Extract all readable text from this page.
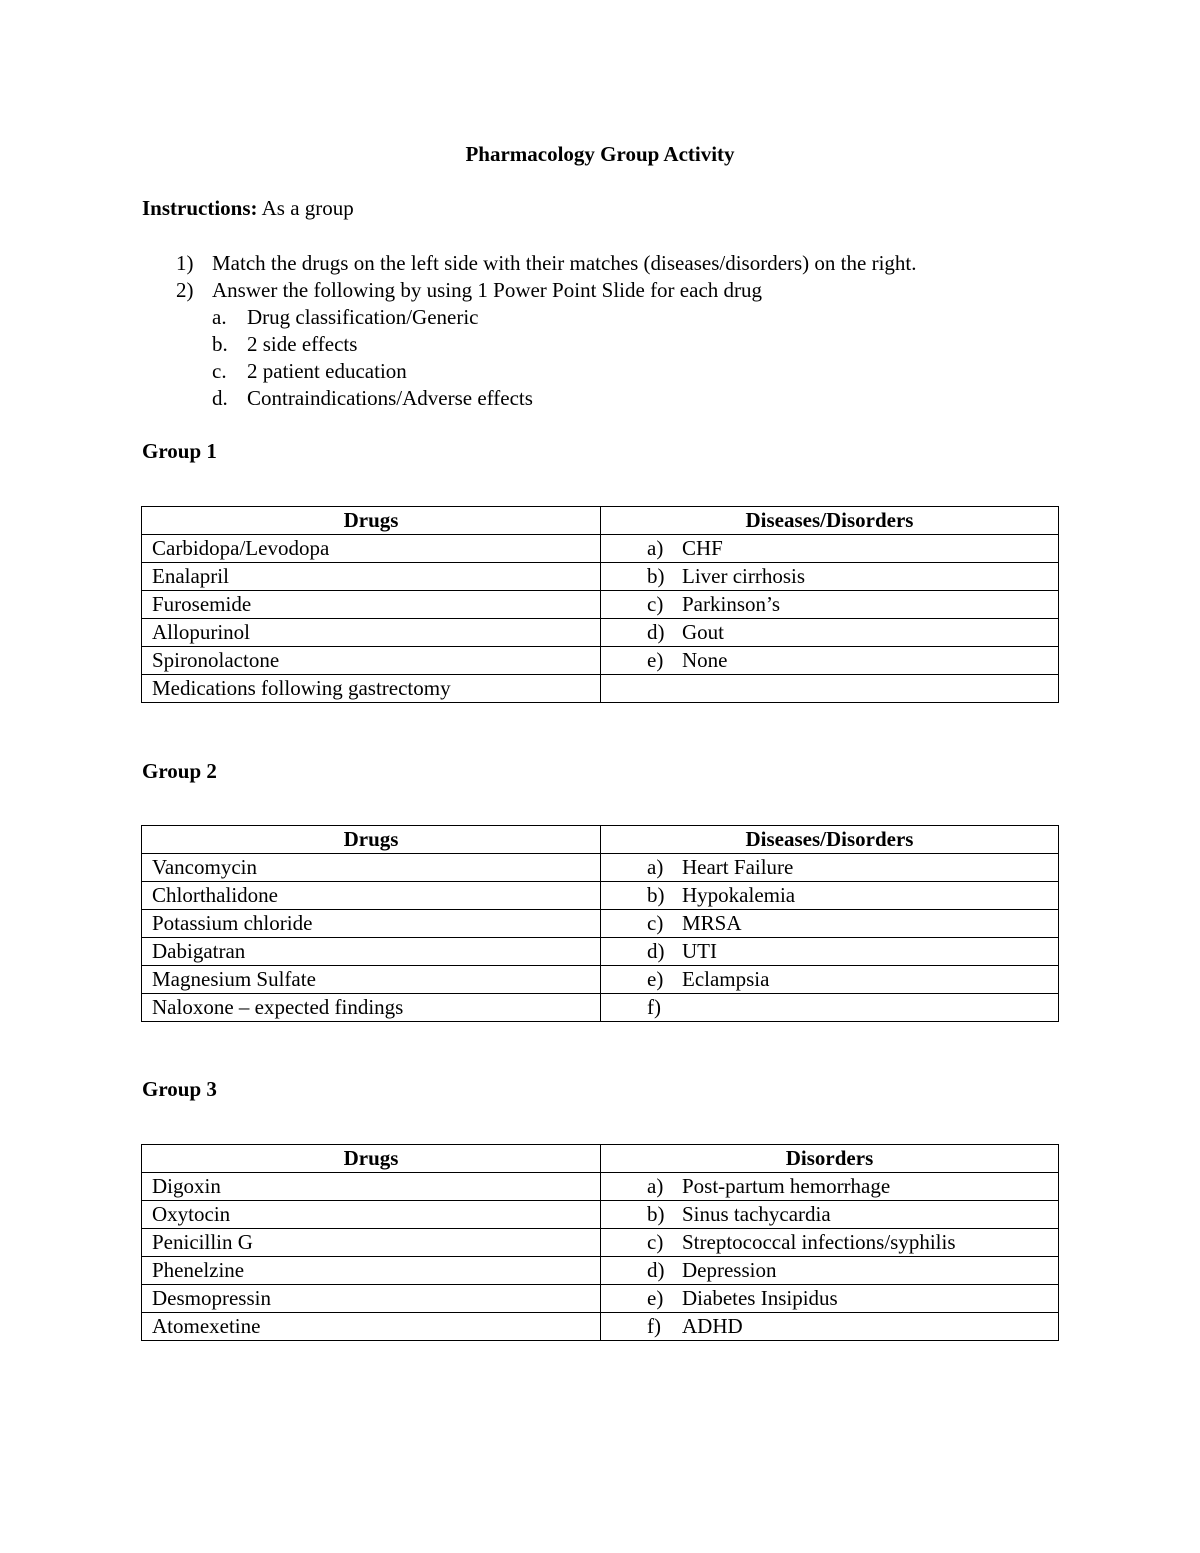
Pharmacology Group Activity
Instructions: As a group
1) Match the drugs on the left side with their matches (diseases/disorders) on the right.
2) Answer the following by using 1 Power Point Slide for each drug
a. Drug classification/Generic
b. 2 side effects
c. 2 patient education
d. Contraindications/Adverse effects
Group 1
Drugs	Diseases/Disorders
Carbidopa/Levodopa	a) CHF

Enalapril	b) Liver cirrhosis

Furosemide	c) Parkinson’s

Allopurinol	d) Gout

Spironolactone	e) None

Medications following gastrectomy	
Group 2
Drugs	Diseases/Disorders
Vancomycin	a) Heart Failure

Chlorthalidone	b) Hypokalemia

Potassium chloride	c) MRSA

Dabigatran	d) UTI

Magnesium Sulfate	e) Eclampsia

Naloxone – expected findings	f)
Group 3
Drugs	Disorders
Digoxin	a) Post-partum hemorrhage

Oxytocin	b) Sinus tachycardia

Penicillin G	c) Streptococcal infections/syphilis

Phenelzine	d) Depression

Desmopressin	e) Diabetes Insipidus

Atomexetine	f) ADHD
